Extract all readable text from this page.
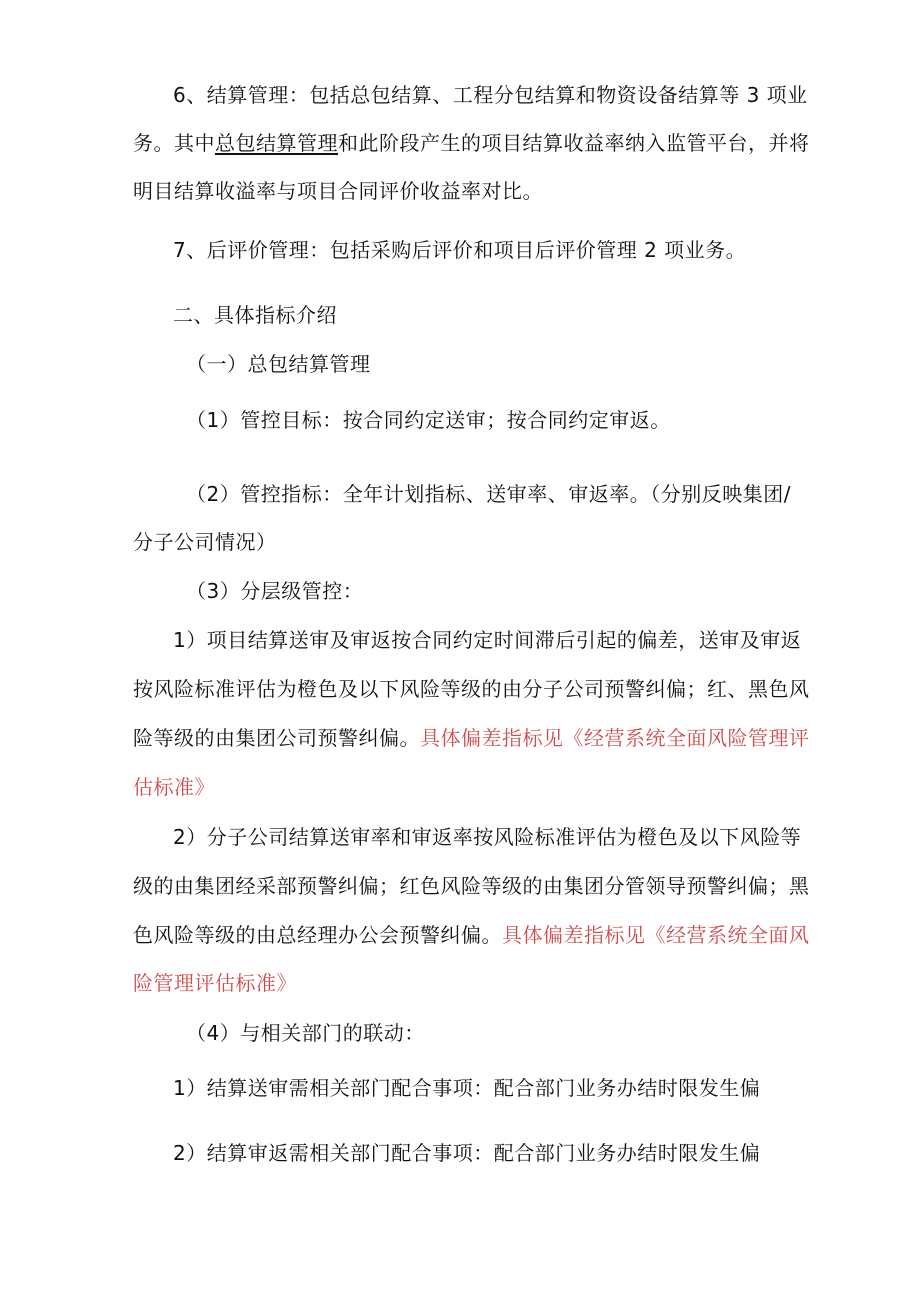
6、结算管理：包括总包结算、工程分包结算和物资设备结算等 3 项业
务。其中总包结算管理和此阶段产生的项目结算收益率纳入监管平台，并将
明目结算收溢率与项目合同评价收益率对比。
7、后评价管理：包括采购后评价和项目后评价管理 2 项业务。
二、具体指标介绍
（一）总包结算管理
（1）管控目标：按合同约定送审；按合同约定审返。
（2）管控指标：全年计划指标、送审率、审返率。（分别反映集团/
分子公司情况）
（3）分层级管控：
1）项目结算送审及审返按合同约定时间滞后引起的偏差，送审及审返
按风险标准评估为橙色及以下风险等级的由分子公司预警纠偏；红、黑色风
险等级的由集团公司预警纠偏。具体偏差指标见《经营系统全面风险管理评
估标准》
2）分子公司结算送审率和审返率按风险标准评估为橙色及以下风险等
级的由集团经采部预警纠偏；红色风险等级的由集团分管领导预警纠偏；黑
色风险等级的由总经理办公会预警纠偏。具体偏差指标见《经营系统全面风
险管理评估标准》
（4）与相关部门的联动：
1）结算送审需相关部门配合事项：配合部门业务办结时限发生偏
2）结算审返需相关部门配合事项：配合部门业务办结时限发生偏
